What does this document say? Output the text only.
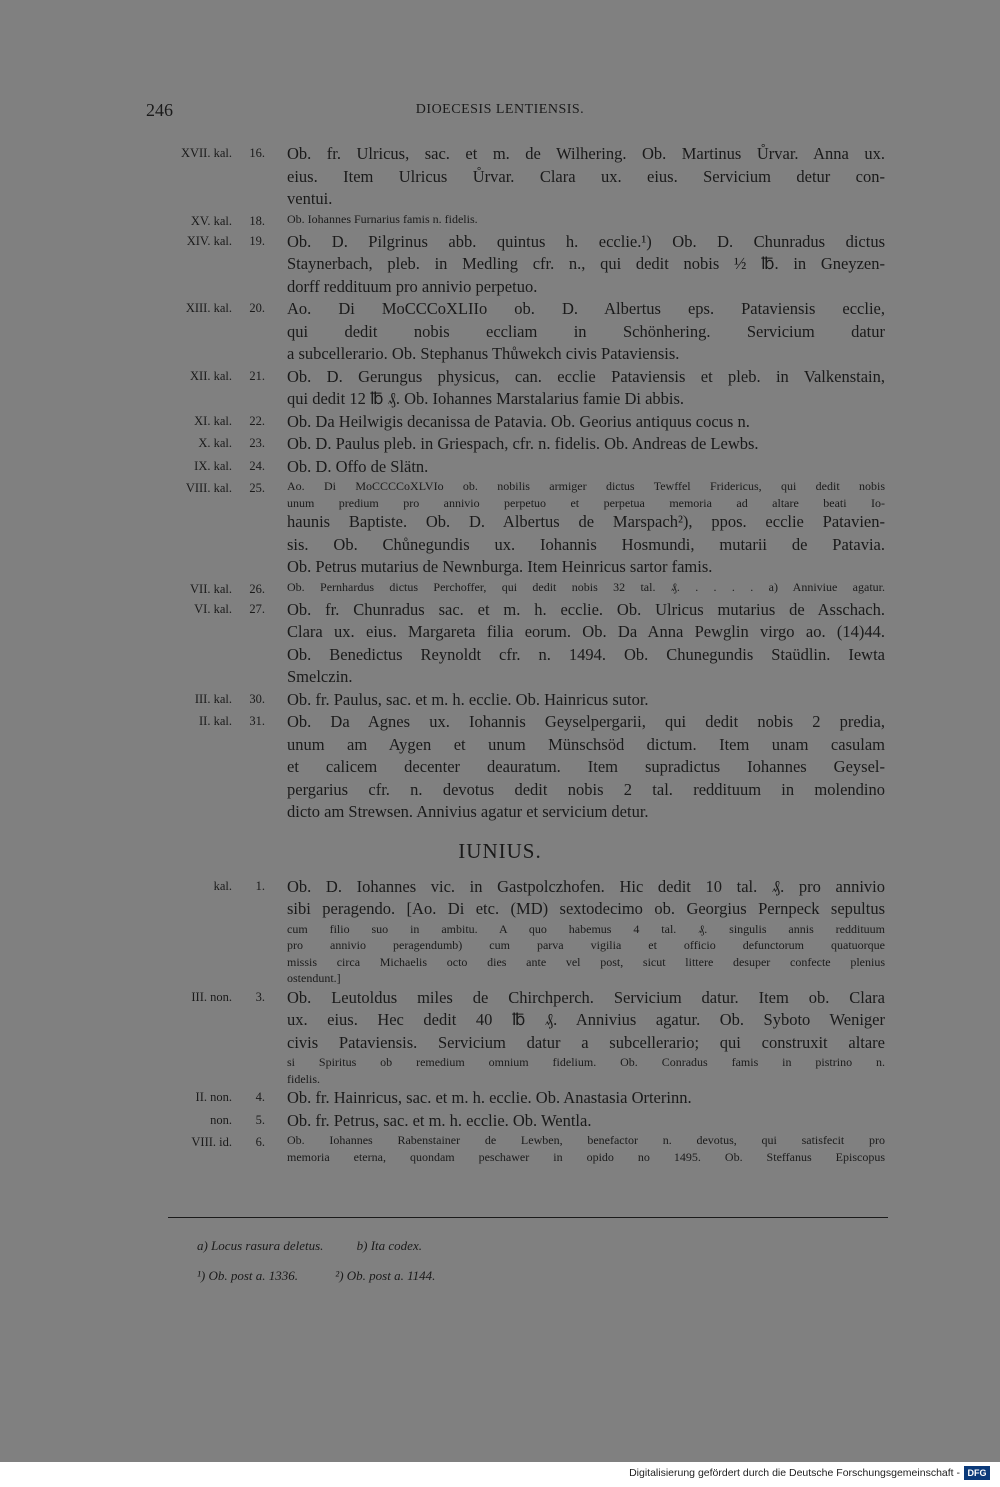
246	DIOECESIS LENTIENSIS.
XVII. kal.	16. Ob. fr. Ulricus, sac. et m. de Wilhering. Ob. Martinus Ůrvar. Anna ux.
eius. Item Ulricus Ůrvar. Clara ux. eius. Servicium detur con-
ventui.
XV. kal.	18. Ob. Iohannes Furnarius famis n. fidelis.
XIV. kal.	19. Ob. D. Pilgrinus abb. quintus h. ecclie.¹) Ob. D. Chunradus dictus
Staynerbach, pleb. in Medling cfr. n., qui dedit nobis ½ ℔. in Gneyzen-
dorff reddituum pro annivio perpetuo.
XIII. kal.	20. Ao. Di MoCCCoXLIIo ob. D. Albertus eps. Pataviensis ecclie,
qui dedit nobis eccliam in Schönhering. Servicium datur
a subcellerario. Ob. Stephanus Thůwekch civis Pataviensis.
XII. kal.	21. Ob. D. Gerungus physicus, can. ecclie Pataviensis et pleb. in Valkenstain,
qui dedit 12 ℔ ₰. Ob. Iohannes Marstalarius famie Di abbis.
XI. kal.	22. Ob. Da Heilwigis decanissa de Patavia. Ob. Georius antiquus cocus n.
X. kal.	23. Ob. D. Paulus pleb. in Griespach, cfr. n. fidelis. Ob. Andreas de Lewbs.
IX. kal.	24. Ob. D. Offo de Slätn.
VIII. kal.	25. Ao. Di MoCCCCoXLVIo ob. nobilis armiger dictus Tewffel Fridericus, qui dedit nobis
unum predium pro annivio perpetuo et perpetua memoria ad altare beati Io-
haunis Baptiste. Ob. D. Albertus de Marspach²), ppos. ecclie Patavien-
sis. Ob. Chůnegundis ux. Iohannis Hosmundi, mutarii de Patavia.
Ob. Petrus mutarius de Newnburga. Item Heinricus sartor famis.
VII. kal.	26. Ob. Pernhardus dictus Perchoffer, qui dedit nobis 32 tal. ₰. . . . . a) Anniviue agatur.
VI. kal.	27. Ob. fr. Chunradus sac. et m. h. ecclie. Ob. Ulricus mutarius de Asschach.
Clara ux. eius. Margareta filia eorum. Ob. Da Anna Pewglin virgo ao. (14)44.
Ob. Benedictus Reynoldt cfr. n. 1494. Ob. Chunegundis Staüdlin. Iewta
Smelczin.
III. kal.	30. Ob. fr. Paulus, sac. et m. h. ecclie. Ob. Hainricus sutor.
II. kal.	31. Ob. Da Agnes ux. Iohannis Geyselpergarii, qui dedit nobis 2 predia,
unum am Aygen et unum Münschsöd dictum. Item unam casulam
et calicem decenter deauratum. Item supradictus Iohannes Geysel-
pergarius cfr. n. devotus dedit nobis 2 tal. reddituum in molendino
dicto am Strewsen. Annivius agatur et servicium detur.
IUNIUS.
kal.	1. Ob. D. Iohannes vic. in Gastpolczhofen. Hic dedit 10 tal. ₰. pro annivio
sibi peragendo. [Ao. Di etc. (MD) sextodecimo ob. Georgius Pernpeck sepultus
cum filio suo in ambitu. A quo habemus 4 tal. ₰. singulis annis reddituum
pro annivio peragendumb) cum parva vigilia et officio defunctorum quatuorque
missis circa Michaelis octo dies ante vel post, sicut littere desuper confecte plenius
ostendunt.]
III. non.	3. Ob. Leutoldus miles de Chirchperch. Servicium datur. Item ob. Clara
ux. eius. Hec dedit 40 ℔ ₰. Annivius agatur. Ob. Syboto Weniger
civis Pataviensis. Servicium datur a subcellerario; qui construxit altare
si Spiritus ob remedium omnium fidelium. Ob. Conradus famis in pistrino n.
fidelis.
II. non.	4. Ob. fr. Hainricus, sac. et m. h. ecclie. Ob. Anastasia Orterinn.
non.	5. Ob. fr. Petrus, sac. et m. h. ecclie. Ob. Wentla.
VIII. id.	6. Ob. Iohannes Rabenstainer de Lewben, benefactor n. devotus, qui satisfecit pro
memoria eterna, quondam peschawer in opido no 1495. Ob. Steffanus Episcopus
a) Locus rasura deletus.	b) Ita codex.
¹) Ob. post a. 1336.	²) Ob. post a. 1144.
Digitalisierung gefördert durch die Deutsche Forschungsgemeinschaft - DFG
